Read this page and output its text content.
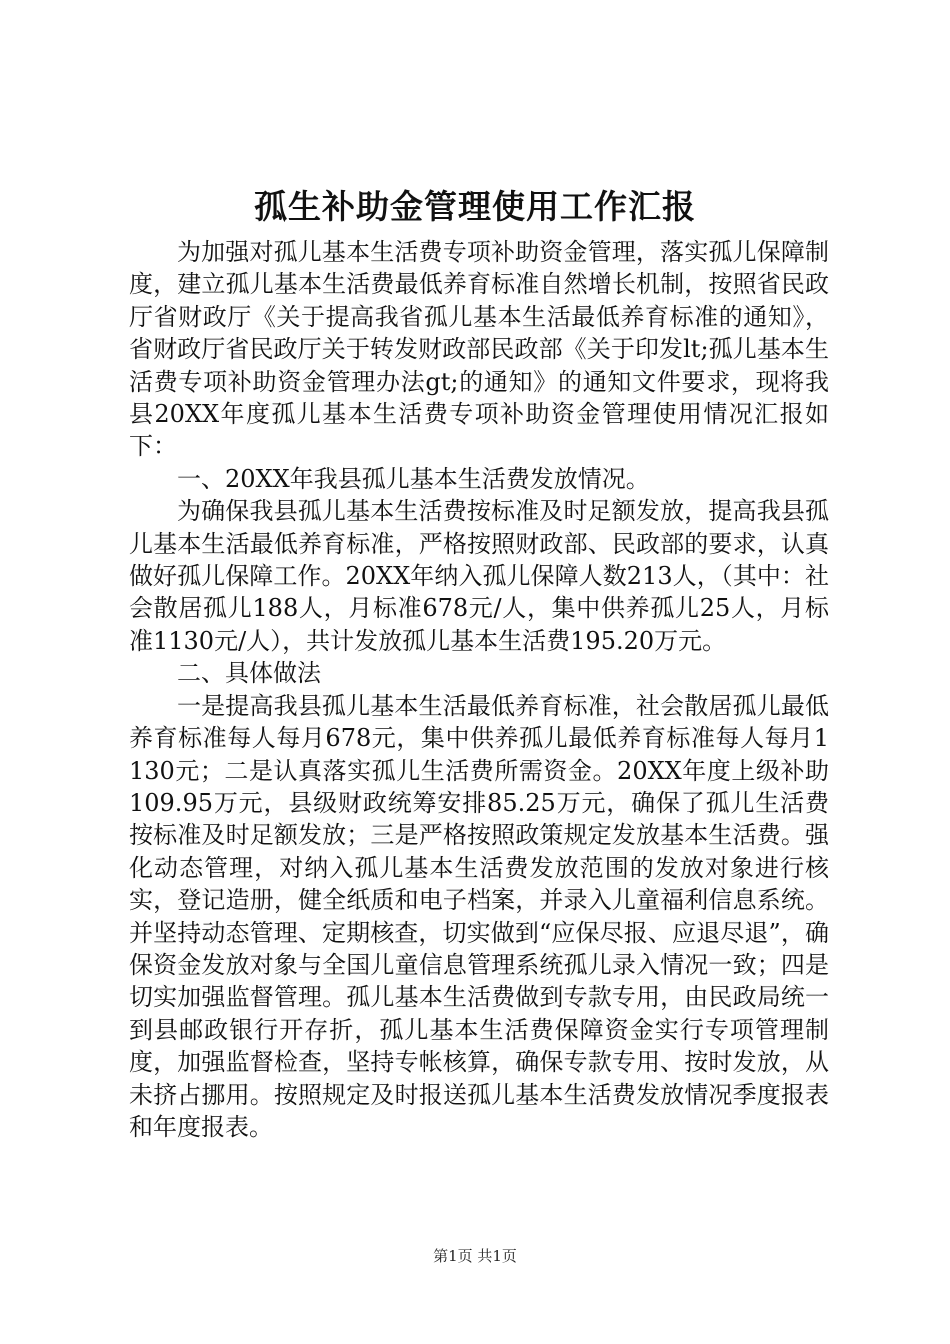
孤生补助金管理使用工作汇报

为加强对孤儿基本生活费专项补助资金管理，落实孤儿保障制度，建立孤儿基本生活费最低养育标准自然增长机制，按照省民政厅省财政厅《关于提高我省孤儿基本生活最低养育标准的通知》，省财政厅省民政厅关于转发财政部民政部《关于印发lt;孤儿基本生活费专项补助资金管理办法gt;的通知》的通知文件要求，现将我县20XX年度孤儿基本生活费专项补助资金管理使用情况汇报如下：

一、20XX年我县孤儿基本生活费发放情况。

为确保我县孤儿基本生活费按标准及时足额发放，提高我县孤儿基本生活最低养育标准，严格按照财政部、民政部的要求，认真做好孤儿保障工作。20XX年纳入孤儿保障人数213人，（其中：社会散居孤儿188人，月标准678元/人，集中供养孤儿25人，月标准1130元/人），共计发放孤儿基本生活费195.20万元。

二、具体做法

一是提高我县孤儿基本生活最低养育标准，社会散居孤儿最低养育标准每人每月678元，集中供养孤儿最低养育标准每人每月1130元；二是认真落实孤儿生活费所需资金。20XX年度上级补助109.95万元，县级财政统筹安排85.25万元，确保了孤儿生活费按标准及时足额发放；三是严格按照政策规定发放基本生活费。强化动态管理，对纳入孤儿基本生活费发放范围的发放对象进行核实，登记造册，健全纸质和电子档案，并录入儿童福利信息系统。并坚持动态管理、定期核查，切实做到“应保尽报、应退尽退”，确保资金发放对象与全国儿童信息管理系统孤儿录入情况一致；四是切实加强监督管理。孤儿基本生活费做到专款专用，由民政局统一到县邮政银行开存折，孤儿基本生活费保障资金实行专项管理制度，加强监督检查，坚持专帐核算，确保专款专用、按时发放，从未挤占挪用。按照规定及时报送孤儿基本生活费发放情况季度报表和年度报表。

第1页 共1页
